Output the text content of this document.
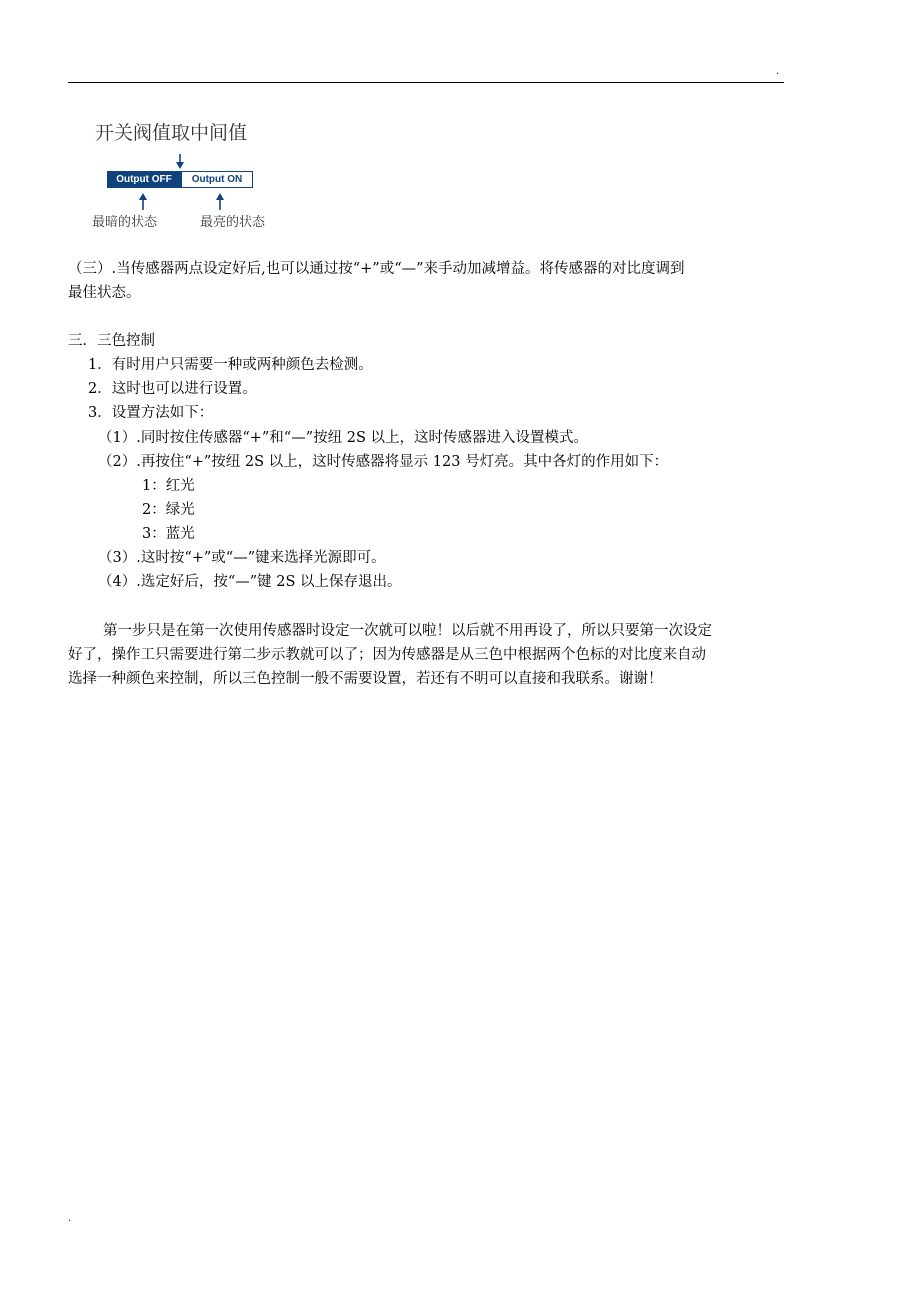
.
开关阀值取中间值
Output OFF	Output ON
最暗的状态	最亮的状态
（三）.当传感器两点设定好后,也可以通过按“+”或“—”来手动加减增益。将传感器的对比度调到
最佳状态。
三．三色控制
1．有时用户只需要一种或两种颜色去检测。
2．这时也可以进行设置。
3．设置方法如下：
（1）.同时按住传感器“+”和“—”按纽 2S 以上，这时传感器进入设置模式。
（2）.再按住“+”按纽 2S 以上，这时传感器将显示 123 号灯亮。其中各灯的作用如下：
1：红光
2：绿光
3：蓝光
（3）.这时按“+”或“—”键来选择光源即可。
（4）.选定好后，按“—”键 2S 以上保存退出。
第一步只是在第一次使用传感器时设定一次就可以啦！以后就不用再设了，所以只要第一次设定
好了，操作工只需要进行第二步示教就可以了；因为传感器是从三色中根据两个色标的对比度来自动
选择一种颜色来控制，所以三色控制一般不需要设置，若还有不明可以直接和我联系。谢谢！
.
